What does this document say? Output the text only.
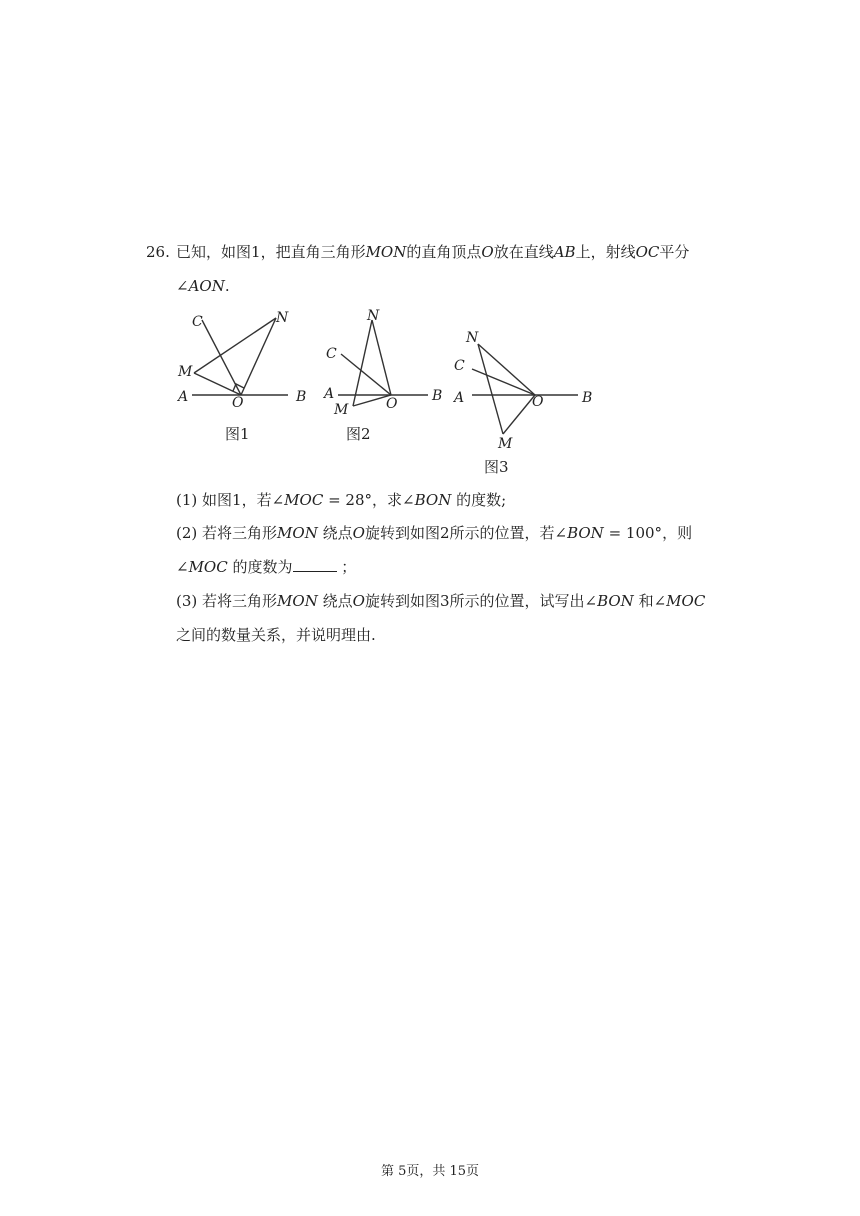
26. 已知，如图1，把直角三角形MON的直角顶点O放在直线AB上，射线OC平分
∠AON.
C	N
M
A	O	B
图1
N
C
A
M	O B
图2
N
C
A	O	B
M
图3
(1) 如图1，若∠MOC = 28°，求∠BON 的度数;
(2) 若将三角形MON 绕点O旋转到如图2所示的位置，若∠BON = 100°，则
∠MOC 的度数为	；
(3) 若将三角形MON 绕点O旋转到如图3所示的位置，试写出∠BON 和∠MOC
之间的数量关系，并说明理由.
第 5页，共 15页
